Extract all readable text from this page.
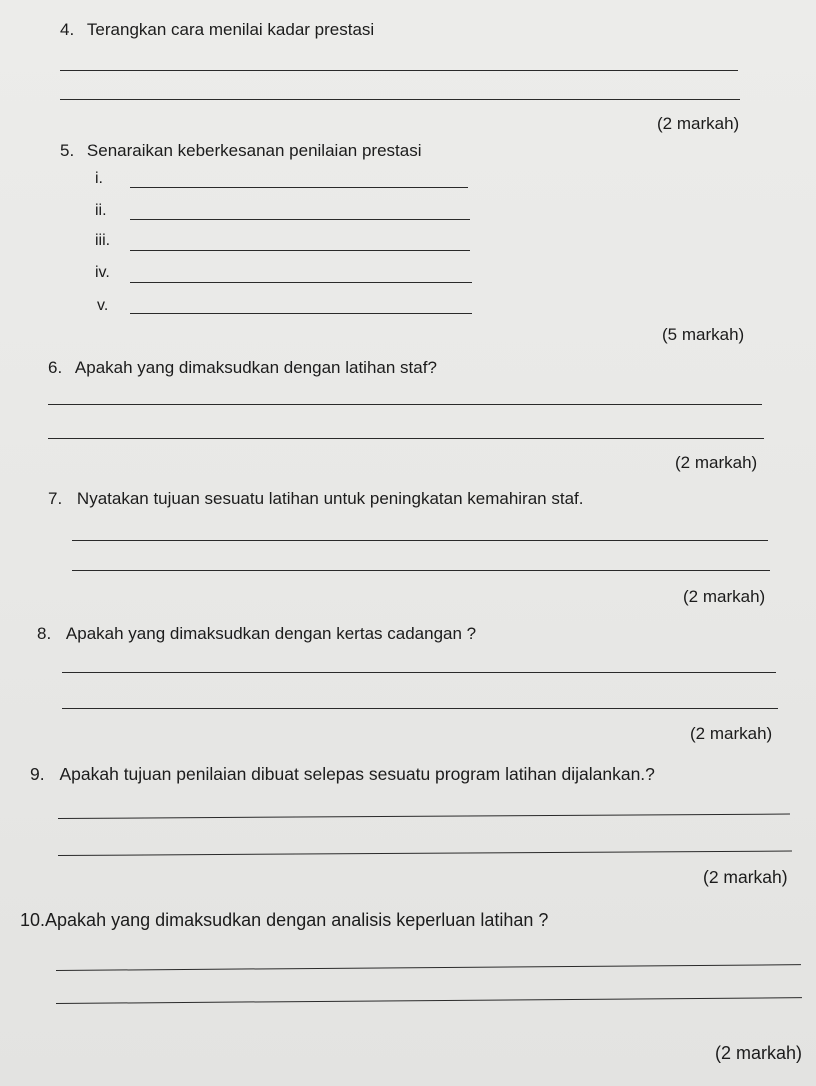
4. Terangkan cara menilai kadar prestasi
(2 markah)
5. Senaraikan keberkesanan penilaian prestasi
i.
ii.
iii.
iv.
v.
(5 markah)
6. Apakah yang dimaksudkan dengan latihan staf?
(2 markah)
7. Nyatakan tujuan sesuatu latihan untuk peningkatan kemahiran staf.
(2 markah)
8. Apakah yang dimaksudkan dengan kertas cadangan ?
(2 markah)
9. Apakah tujuan penilaian dibuat selepas sesuatu program latihan dijalankan.?
(2 markah)
10.Apakah yang dimaksudkan dengan analisis keperluan latihan ?
(2 markah)
